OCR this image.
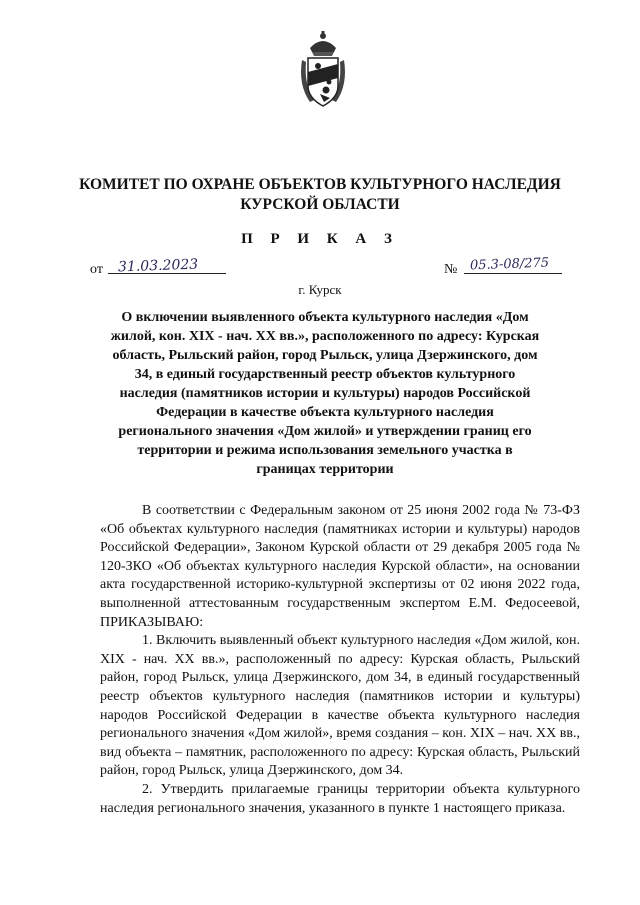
КОМИТЕТ ПО ОХРАНЕ ОБЪЕКТОВ КУЛЬТУРНОГО НАСЛЕДИЯ
КУРСКОЙ ОБЛАСТИ
П Р И К А З
от 31.03.2023	№ 05.3-08/275
г. Курск
О включении выявленного объекта культурного наследия «Дом жилой, кон. XIX - нач. XX вв.», расположенного по адресу: Курская область, Рыльский район, город Рыльск, улица Дзержинского, дом 34, в единый государственный реестр объектов культурного наследия (памятников истории и культуры) народов Российской Федерации в качестве объекта культурного наследия регионального значения «Дом жилой» и утверждении границ его территории и режима использования земельного участка в границах территории

В соответствии с Федеральным законом от 25 июня 2002 года № 73-ФЗ «Об объектах культурного наследия (памятниках истории и культуры) народов Российской Федерации», Законом Курской области от 29 декабря 2005 года № 120-ЗКО «Об объектах культурного наследия Курской области», на основании акта государственной историко-культурной экспертизы от 02 июня 2022 года, выполненной аттестованным государственным экспертом Е.М. Федосеевой, ПРИКАЗЫВАЮ:

1. Включить выявленный объект культурного наследия «Дом жилой, кон. XIX - нач. XX вв.», расположенный по адресу: Курская область, Рыльский район, город Рыльск, улица Дзержинского, дом 34, в единый государственный реестр объектов культурного наследия (памятников истории и культуры) народов Российской Федерации в качестве объекта культурного наследия регионального значения «Дом жилой», время создания – кон. XIX – нач. XX вв., вид объекта – памятник, расположенного по адресу: Курская область, Рыльский район, город Рыльск, улица Дзержинского, дом 34.

2. Утвердить прилагаемые границы территории объекта культурного наследия регионального значения, указанного в пункте 1 настоящего приказа.
